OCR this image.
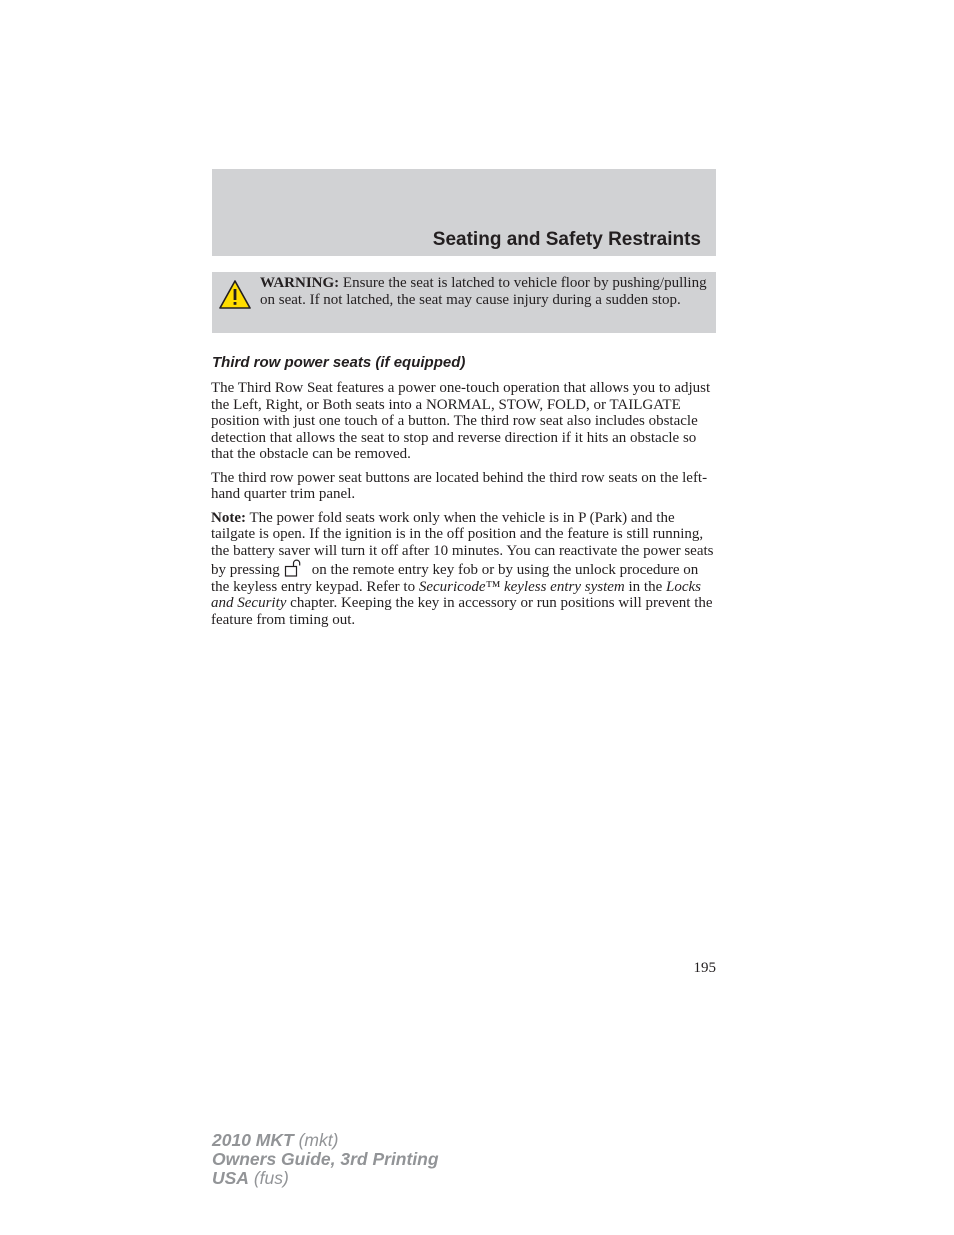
Seating and Safety Restraints
WARNING: Ensure the seat is latched to vehicle floor by pushing/pulling on seat. If not latched, the seat may cause injury during a sudden stop.
Third row power seats (if equipped)

The Third Row Seat features a power one-touch operation that allows you to adjust the Left, Right, or Both seats into a NORMAL, STOW, FOLD, or TAILGATE position with just one touch of a button. The third row seat also includes obstacle detection that allows the seat to stop and reverse direction if it hits an obstacle so that the obstacle can be removed.

The third row power seat buttons are located behind the third row seats on the left-hand quarter trim panel.

Note: The power fold seats work only when the vehicle is in P (Park) and the tailgate is open. If the ignition is in the off position and the feature is still running, the battery saver will turn it off after 10 minutes. You can reactivate the power seats by pressing on the remote entry key fob or by using the unlock procedure on the keyless entry keypad. Refer to Securicode™ keyless entry system in the Locks and Security chapter. Keeping the key in accessory or run positions will prevent the feature from timing out.

195
2010 MKT (mkt)
Owners Guide, 3rd Printing
USA (fus)
